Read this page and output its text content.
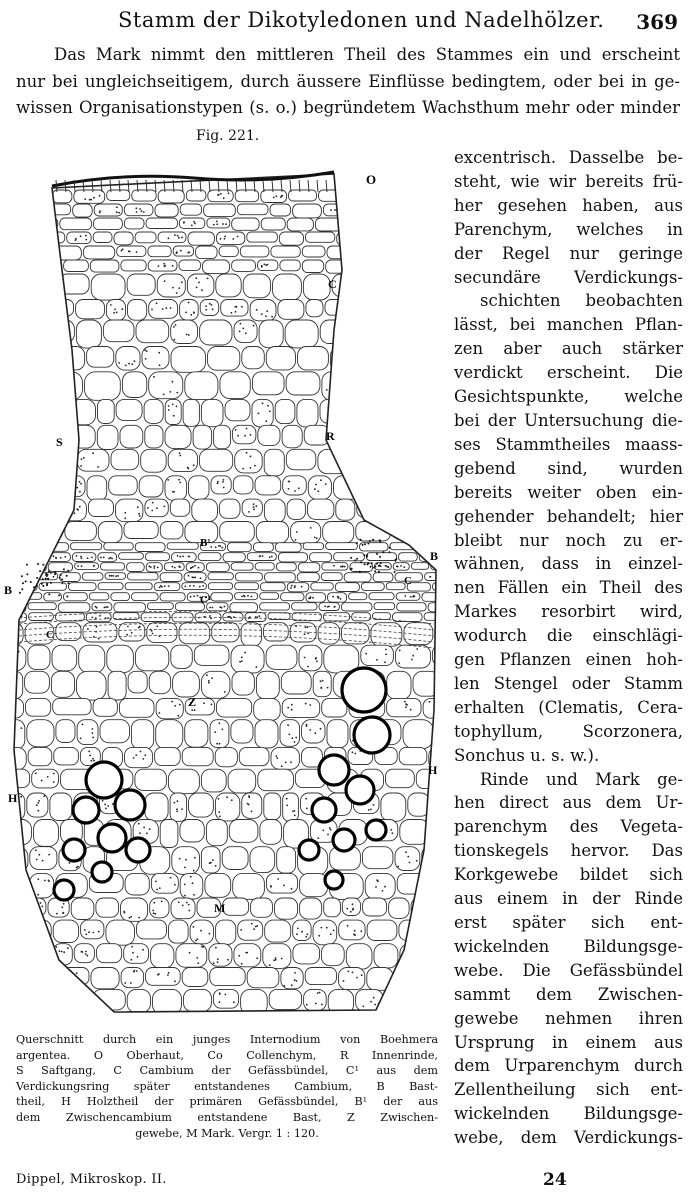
Stamm der Dikotyledonen und Nadelhölzer. 369
Das Mark nimmt den mittleren Theil des Stammes ein und erscheint
nur bei ungleichseitigem, durch äussere Einflüsse bedingtem, oder bei in ge-
wissen Organisationstypen (s. o.) begründetem Wachsthum mehr oder minder
Fig. 221.
O
C
S	R
B¹
B
B
C¹
C
C
Z
H
H
M
Querschnitt durch ein junges Internodium von Boehmera
argentea. O Oberhaut, Co Collenchym, R Innenrinde,
S Saftgang, C Cambium der Gefässbündel, C¹ aus dem
Verdickungsring später entstandenes Cambium, B Bast-
theil, H Holztheil der primären Gefässbündel, B¹ der aus
dem Zwischencambium entstandene Bast, Z Zwischen-
gewebe, M Mark. Vergr. 1 : 120.
excentrisch. Dasselbe be-
steht, wie wir bereits frü-
her gesehen haben, aus
Parenchym, welches in
der Regel nur geringe
secundäre Verdickungs-
schichten beobachten
lässt, bei manchen Pflan-
zen aber auch stärker
verdickt erscheint. Die
Gesichtspunkte, welche
bei der Untersuchung die-
ses Stammtheiles maass-
gebend sind, wurden
bereits weiter oben ein-
gehender behandelt; hier
bleibt nur noch zu er-
wähnen, dass in einzel-
nen Fällen ein Theil des
Markes resorbirt wird,
wodurch die einschlägi-
gen Pflanzen einen hoh-
len Stengel oder Stamm
erhalten (Clematis, Cera-
tophyllum, Scorzonera,
Sonchus u. s. w.).
Rinde und Mark ge-
hen direct aus dem Ur-
parenchym des Vegeta-
tionskegels hervor. Das
Korkgewebe bildet sich
aus einem in der Rinde
erst später sich ent-
wickelnden Bildungsge-
webe. Die Gefässbündel
sammt dem Zwischen-
gewebe nehmen ihren
Ursprung in einem aus
dem Urparenchym durch
Zellentheilung sich ent-
wickelnden Bildungsge-
webe, dem Verdickungs-
Dippel, Mikroskop. II.	24
